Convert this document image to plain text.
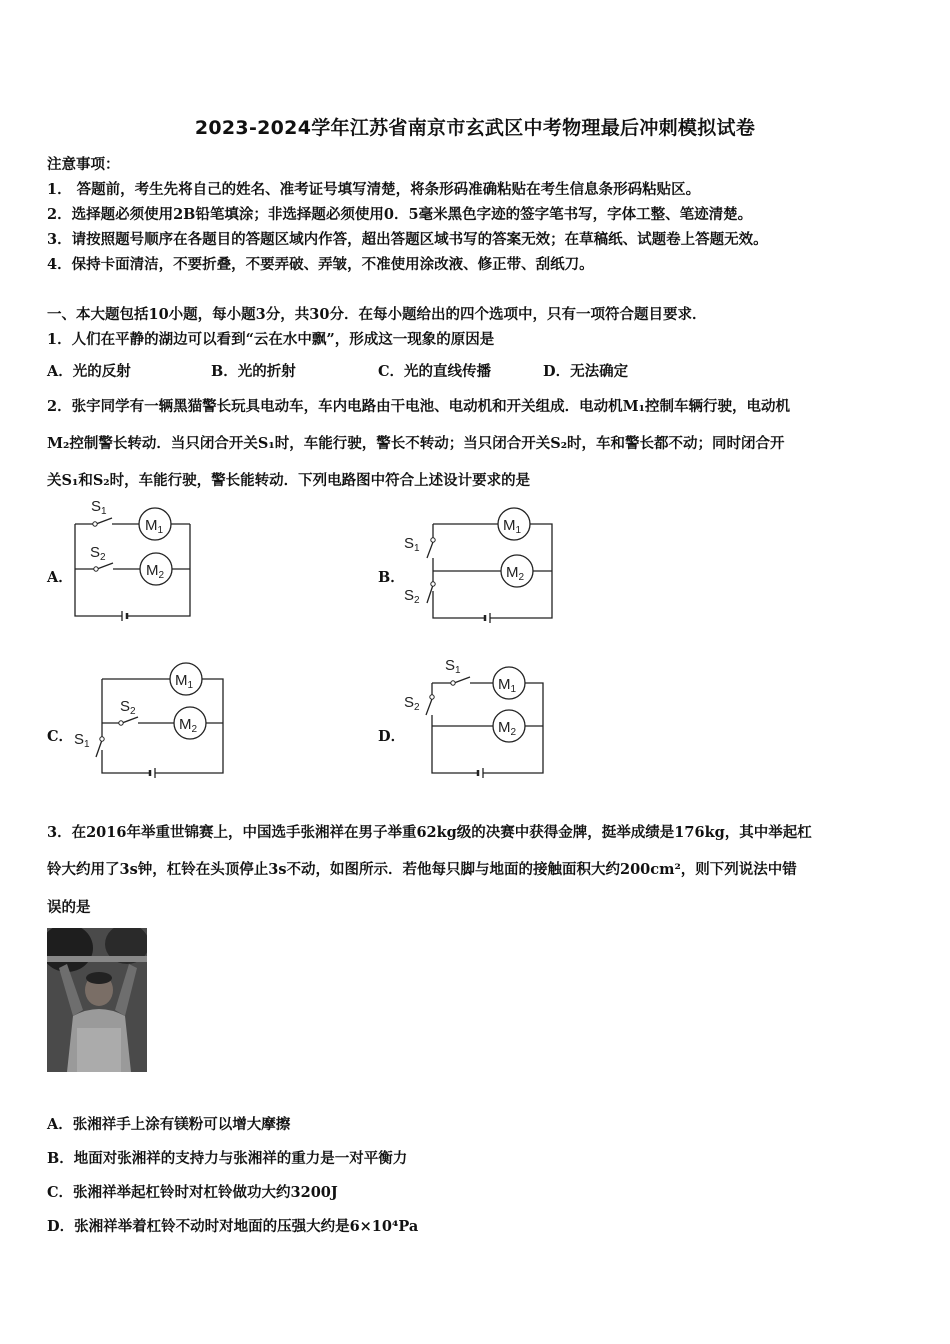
2023-2024学年江苏省南京市玄武区中考物理最后冲刺模拟试卷
注意事项：
1． 答题前，考生先将自己的姓名、准考证号填写清楚，将条形码准确粘贴在考生信息条形码粘贴区。
2．选择题必须使用2B铅笔填涂；非选择题必须使用0．5毫米黑色字迹的签字笔书写，字体工整、笔迹清楚。
3．请按照题号顺序在各题目的答题区域内作答，超出答题区域书写的答案无效；在草稿纸、试题卷上答题无效。
4．保持卡面清洁，不要折叠，不要弄破、弄皱，不准使用涂改液、修正带、刮纸刀。
一、本大题包括10小题，每小题3分，共30分．在每小题给出的四个选项中，只有一项符合题目要求．
1．人们在平静的湖边可以看到“云在水中飘”，形成这一现象的原因是
A．光的反射	B．光的折射	C．光的直线传播	D．无法确定
2．张宇同学有一辆黑猫警长玩具电动车，车内电路由干电池、电动机和开关组成．电动机M₁控制车辆行驶，电动机
M₂控制警长转动．当只闭合开关S₁时，车能行驶，警长不转动；当只闭合开关S₂时，车和警长都不动；同时闭合开
关S₁和S₂时，车能行驶，警长能转动．下列电路图中符合上述设计要求的是
A．	B．
C．	D．
$S_1$
$S_2$
$M_1$
$M_2$
$S_1$
$S_2$
$M_1$
$M_2$
$S_2$
$S_1$
$M_1$
$M_2$
$S_1$
$S_2$
$M_1$
$M_2$
3．在2016年举重世锦赛上，中国选手张湘祥在男子举重62kg级的决赛中获得金牌，挺举成绩是176kg，其中举起杠
铃大约用了3s钟，杠铃在头顶停止3s不动，如图所示．若他每只脚与地面的接触面积大约200cm²，则下列说法中错
误的是
A．张湘祥手上涂有镁粉可以增大摩擦
B．地面对张湘祥的支持力与张湘祥的重力是一对平衡力
C．张湘祥举起杠铃时对杠铃做功大约3200J
D．张湘祥举着杠铃不动时对地面的压强大约是6×10⁴Pa
